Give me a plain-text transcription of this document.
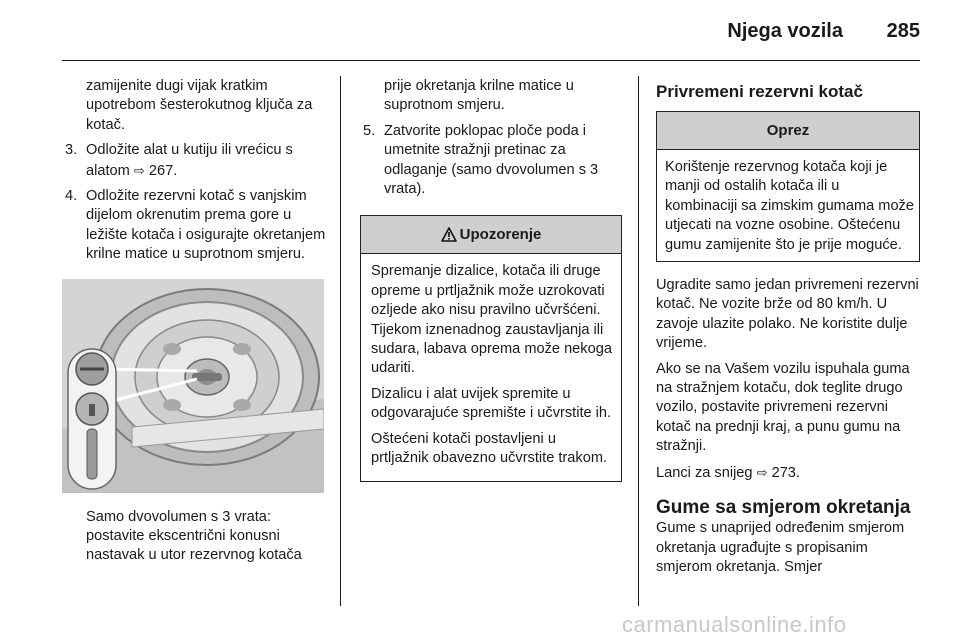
Njega vozila 285
zamijenite dugi vijak kratkim upotrebom šesterokutnog ključa za kotač.
3. Odložite alat u kutiju ili vrećicu s alatom ⇨ 267.
4. Odložite rezervni kotač s vanjskim dijelom okrenutim prema gore u ležište kotača i osigurajte okretanjem krilne matice u suprotnom smjeru.
Samo dvovolumen s 3 vrata: postavite ekscentrični konusni nastavak u utor rezervnog kotača
prije okretanja krilne matice u suprotnom smjeru.
5. Zatvorite poklopac ploče poda i umetnite stražnji pretinac za odlaganje (samo dvovolumen s 3 vrata).
Upozorenje

Spremanje dizalice, kotača ili druge opreme u prtljažnik može uzrokovati ozljede ako nisu pravilno učvršćeni. Tijekom iznenadnog zaustavljanja ili sudara, labava oprema može nekoga udariti.

Dizalicu i alat uvijek spremite u odgovarajuće spremište i učvrstite ih.

Oštećeni kotači postavljeni u prtljažnik obavezno učvrstite trakom.

Privremeni rezervni kotač
Oprez
Korištenje rezervnog kotača koji je manji od ostalih kotača ili u kombinaciji sa zimskim gumama može utjecati na vozne osobine. Oštećenu gumu zamijenite što je prije moguće.

Ugradite samo jedan privremeni rezervni kotač. Ne vozite brže od 80 km/h. U zavoje ulazite polako. Ne koristite dulje vrijeme.

Ako se na Vašem vozilu ispuhala guma na stražnjem kotaču, dok teglite drugo vozilo, postavite privremeni rezervni kotač na prednji kraj, a punu gumu na stražnji.

Lanci za snijeg ⇨ 273.

Gume sa smjerom okretanja

Gume s unaprijed određenim smjerom okretanja ugrađujte s propisanim smjerom okretanja. Smjer

carmanualsonline.info
